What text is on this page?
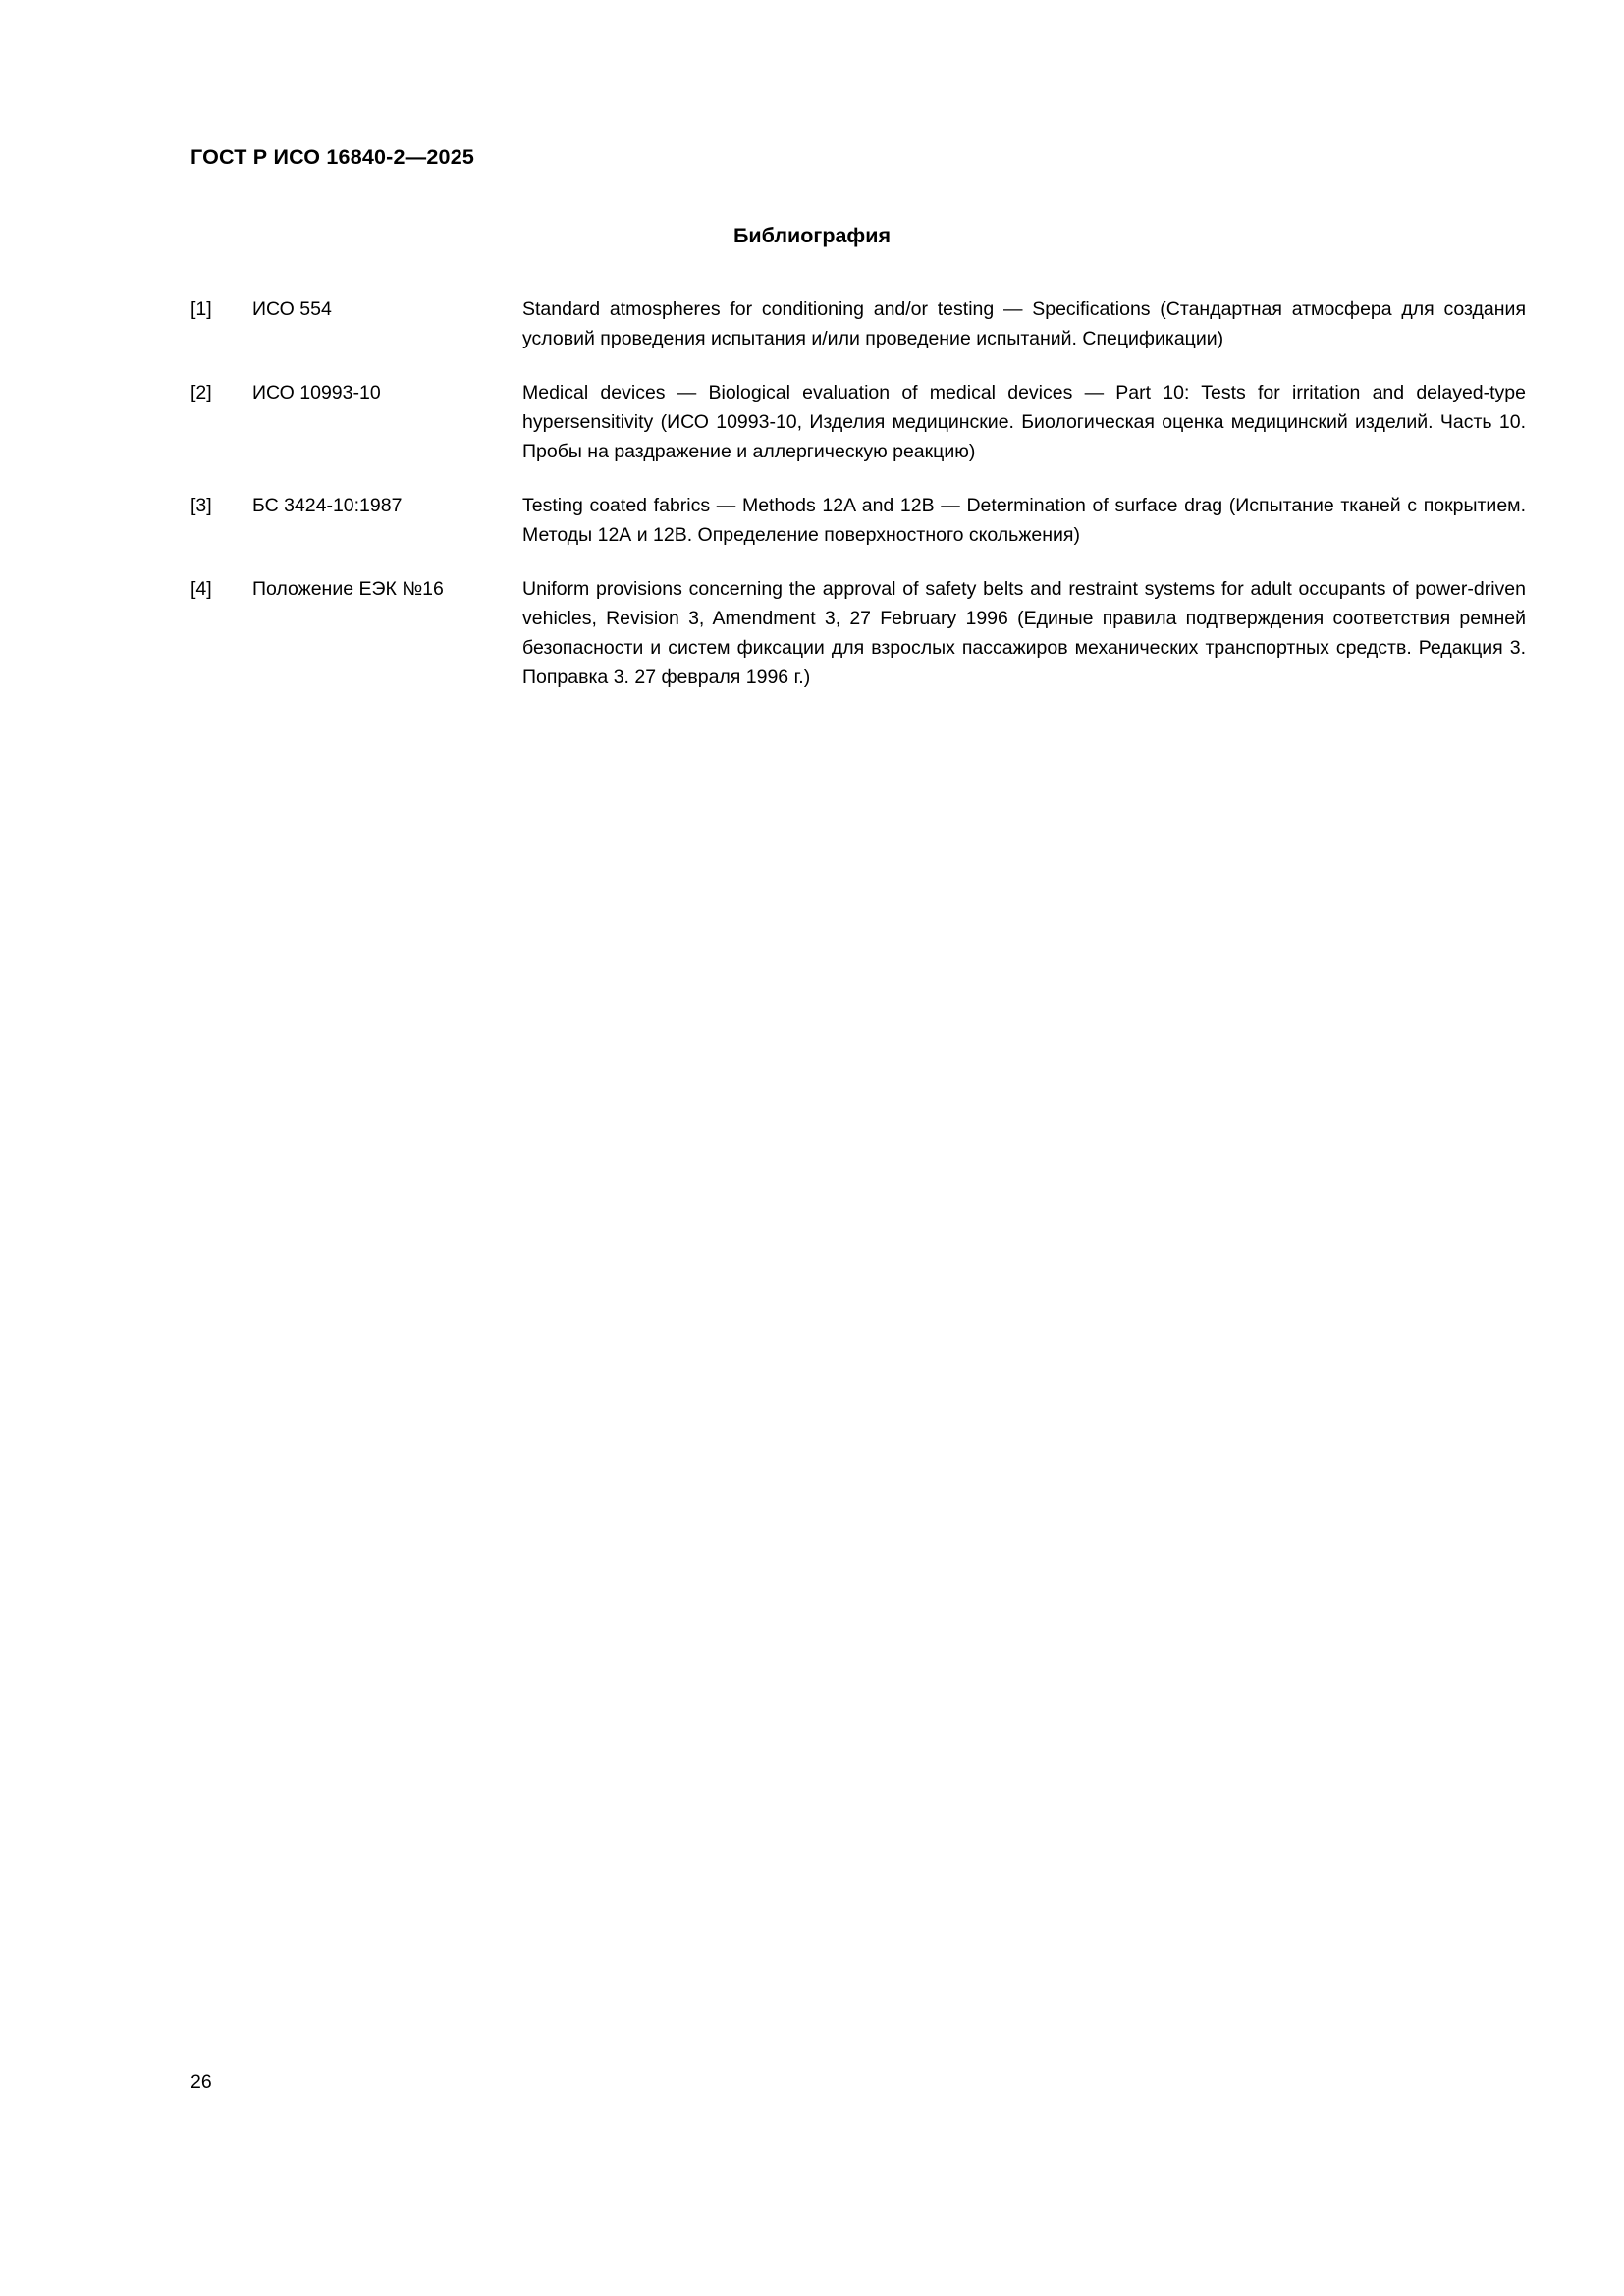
ГОСТ Р ИСО 16840-2—2025
Библиография
[1]	ИСО 554	Standard atmospheres for conditioning and/or testing — Specifications (Стандартная атмосфера для создания условий проведения испытания и/или проведение испытаний. Спецификации)
[2]	ИСО 10993-10	Medical devices — Biological evaluation of medical devices — Part 10: Tests for irritation and delayed-type hypersensitivity (ИСО 10993-10, Изделия медицинские. Биологическая оценка медицинский изделий. Часть 10. Пробы на раздражение и аллергическую реакцию)
[3]	БС 3424-10:1987	Testing coated fabrics — Methods 12A and 12B — Determination of surface drag (Испытание тканей с покрытием. Методы 12А и 12В. Определение поверхностного скольжения)
[4]	Положение ЕЭК №16	Uniform provisions concerning the approval of safety belts and restraint systems for adult occupants of power-driven vehicles, Revision 3, Amendment 3, 27 February 1996 (Единые правила подтверждения соответствия ремней безопасности и систем фиксации для взрослых пассажиров механических транспортных средств. Редакция 3. Поправка 3. 27 февраля 1996 г.)
26
